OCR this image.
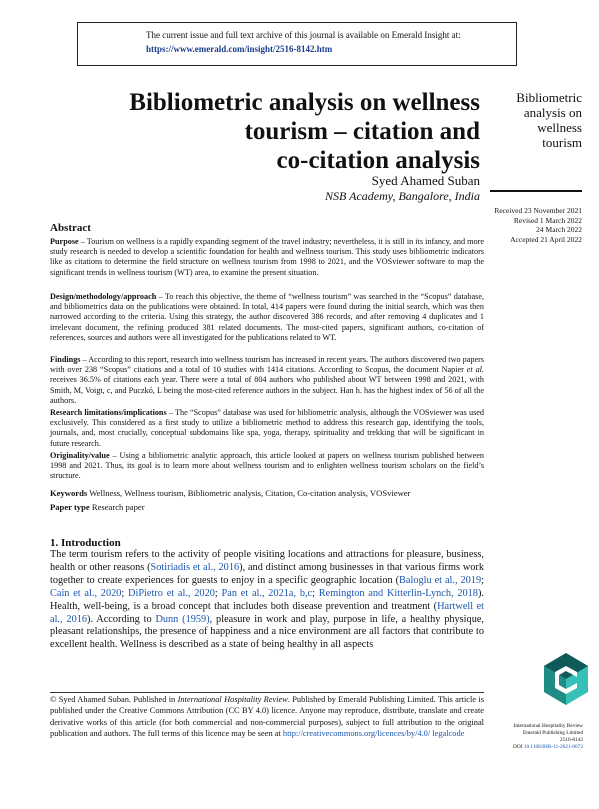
The current issue and full text archive of this journal is available on Emerald Insight at:
https://www.emerald.com/insight/2516-8142.htm
Bibliometric analysis on wellness
tourism – citation and
co-citation analysis
Syed Ahamed Suban
NSB Academy, Bangalore, India
Bibliometric
analysis on
wellness
tourism
Received 23 November 2021
Revised 1 March 2022
24 March 2022
Accepted 21 April 2022
Abstract
Purpose – Tourism on wellness is a rapidly expanding segment of the travel industry; nevertheless, it is still in its infancy, and more study research is needed to develop a scientific foundation for health and wellness tourism. This study uses bibliometric indicators like as citations to determine the field structure on wellness tourism from 1998 to 2021, and the VOSviewer software to map the significant trends in wellness tourism (WT) area, to examine the present situation.
Design/methodology/approach – To reach this objective, the theme of “wellness tourism” was searched in the “Scopus” database, and bibliometrics data on the publications were obtained. In total, 414 papers were found during the initial search, which was then narrowed according to the criteria. Using this strategy, the author discovered 386 records, and after removing 4 duplicates and 1 irrelevant document, the refining produced 381 related documents. The most-cited papers, significant authors, co-citation of references, sources and authors were all investigated for the publications related to WT.
Findings – According to this report, research into wellness tourism has increased in recent years. The authors discovered two papers with over 238 “Scopus” citations and a total of 10 studies with 1414 citations. According to Scopus, the document Napier et al. receives 36.5% of citations each year. There were a total of 804 authors who published about WT between 1998 and 2021, with Smith, M, Voigt, c, and Puczkó, L being the most-cited reference authors in the subject. Han h. has the highest index of 56 of all the authors.
Research limitations/implications – The “Scopus” database was used for bibliometric analysis, although the VOSviewer was used exclusively. This considered as a first study to utilize a bibliometric method to address this research gap, identifying the tools, journals, and, most crucially, conceptual subdomains like spa, yoga, therapy, spirituality and trekking that will be significant in future research.
Originality/value – Using a bibliometric analytic approach, this article looked at papers on wellness tourism published between 1998 and 2021. Thus, its goal is to learn more about wellness tourism and to enlighten wellness tourism scholars on the field’s structure.
Keywords Wellness, Wellness tourism, Bibliometric analysis, Citation, Co-citation analysis, VOSviewer
Paper type Research paper
1. Introduction
The term tourism refers to the activity of people visiting locations and attractions for pleasure, business, health or other reasons (Sotiriadis et al., 2016), and distinct among businesses in that various firms work together to create experiences for guests to enjoy in a specific geographic location (Baloglu et al., 2019; Cain et al., 2020; DiPietro et al., 2020; Pan et al., 2021a, b,c; Remington and Kitterlin-Lynch, 2018). Health, well-being, is a broad concept that includes both disease prevention and treatment (Hartwell et al., 2016). According to Dunn (1959), pleasure in work and play, purpose in life, a healthy physique, pleasant relationships, the presence of happiness and a nice environment are all factors that contribute to excellent health. Wellness is described as a state of being healthy in all aspects
© Syed Ahamed Suban. Published in International Hospitality Review. Published by Emerald Publishing Limited. This article is published under the Creative Commons Attribution (CC BY 4.0) licence. Anyone may reproduce, distribute, translate and create derivative works of this article (for both commercial and non-commercial purposes), subject to full attribution to the original publication and authors. The full terms of this licence may be seen at http://creativecommons.org/licences/by/4.0/ legalcode
International Hospitality Review
Emerald Publishing Limited
2516-8142
DOI 10.1108/IHR-11-2021-0072
